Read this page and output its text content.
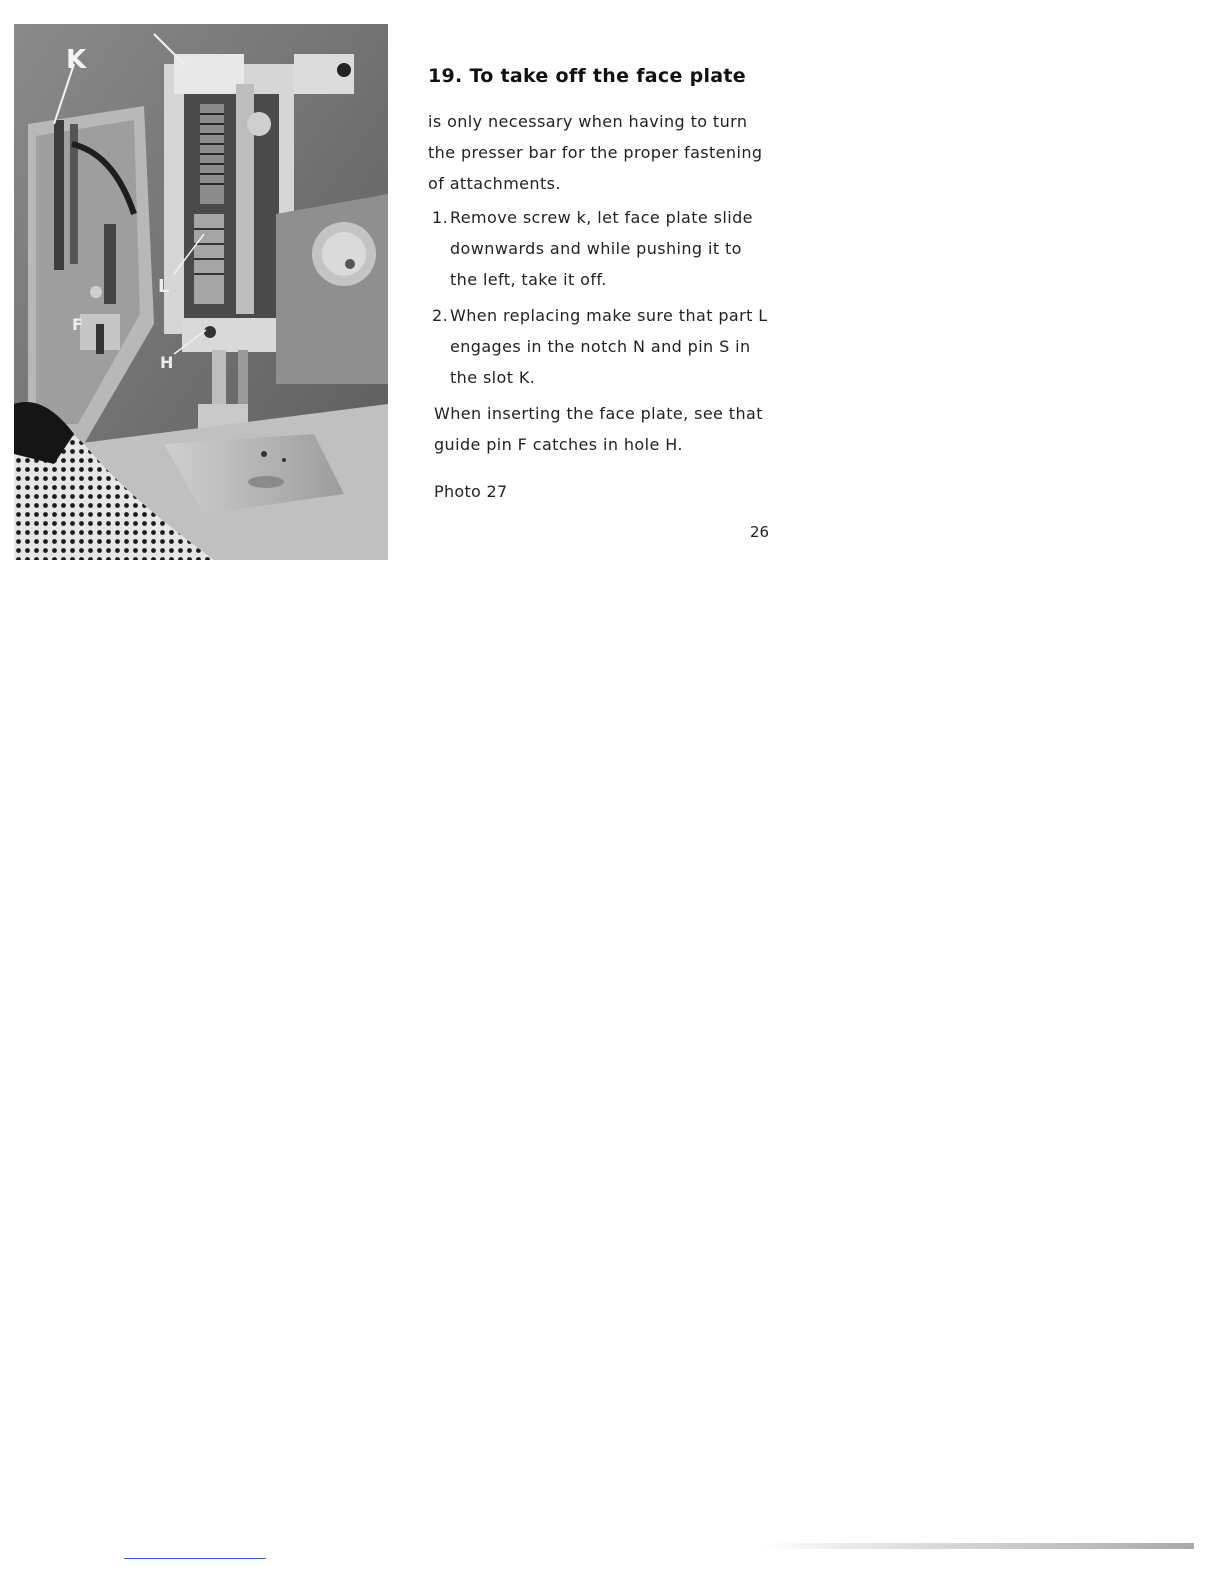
K
L
F
H
19. To take off the face plate

is only necessary when having to turn the presser bar for the proper fastening of attachments.

1. Remove screw k, let face plate slide downwards and while pushing it to the left, take it off.
2. When replacing make sure that part L engages in the notch N and pin S in the slot K.

When inserting the face plate, see that guide pin F catches in hole H.

Photo 27
26
